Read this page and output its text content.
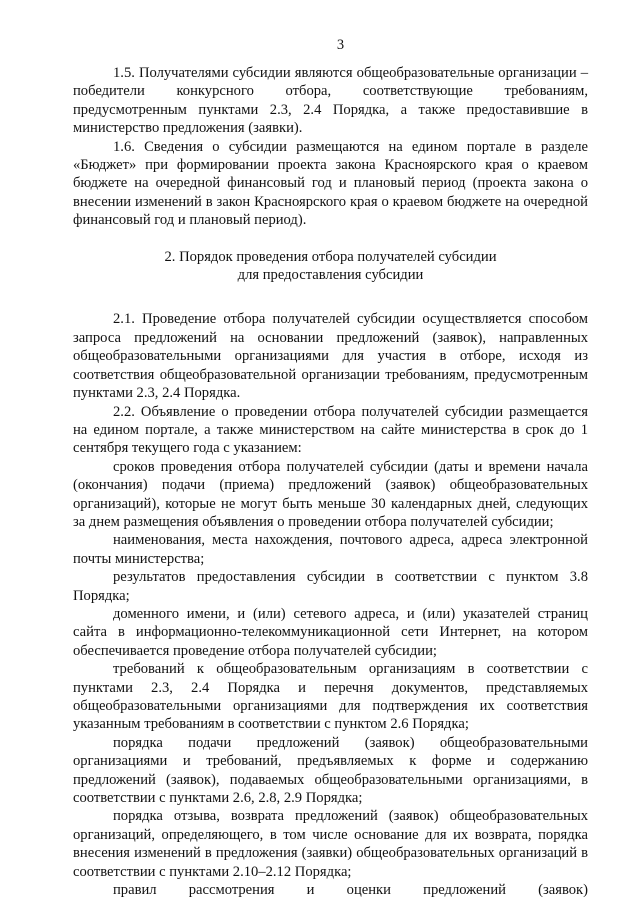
3

1.5. Получателями субсидии являются общеобразовательные организации – победители конкурсного отбора, соответствующие требованиям, предусмотренным пунктами 2.3, 2.4 Порядка, а также предоставившие в министерство предложения (заявки).

1.6. Сведения о субсидии размещаются на едином портале в разделе «Бюджет» при формировании проекта закона Красноярского края о краевом бюджете на очередной финансовый год и плановый период (проекта закона о внесении изменений в закон Красноярского края о краевом бюджете на очередной финансовый год и плановый период).

2. Порядок проведения отбора получателей субсидии
для предоставления субсидии

2.1. Проведение отбора получателей субсидии осуществляется способом запроса предложений на основании предложений (заявок), направленных общеобразовательными организациями для участия в отборе, исходя из соответствия общеобразовательной организации требованиям, предусмотренным пунктами 2.3, 2.4 Порядка.

2.2. Объявление о проведении отбора получателей субсидии размещается на едином портале, а также министерством на сайте министерства в срок до 1 сентября текущего года с указанием:

сроков проведения отбора получателей субсидии (даты и времени начала (окончания) подачи (приема) предложений (заявок) общеобразовательных организаций), которые не могут быть меньше 30 календарных дней, следующих за днем размещения объявления о проведении отбора получателей субсидии;

наименования, места нахождения, почтового адреса, адреса электронной почты министерства;

результатов предоставления субсидии в соответствии с пунктом 3.8 Порядка;

доменного имени, и (или) сетевого адреса, и (или) указателей страниц сайта в информационно-телекоммуникационной сети Интернет, на котором обеспечивается проведение отбора получателей субсидии;

требований к общеобразовательным организациям в соответствии с пунктами 2.3, 2.4 Порядка и перечня документов, представляемых общеобразовательными организациями для подтверждения их соответствия указанным требованиям в соответствии с пунктом 2.6 Порядка;

порядка подачи предложений (заявок) общеобразовательными организациями и требований, предъявляемых к форме и содержанию предложений (заявок), подаваемых общеобразовательными организациями, в соответствии с пунктами 2.6, 2.8, 2.9 Порядка;

порядка отзыва, возврата предложений (заявок) общеобразовательных организаций, определяющего, в том числе основание для их возврата, порядка внесения изменений в предложения (заявки) общеобразовательных организаций в соответствии с пунктами 2.10–2.12 Порядка;

правил рассмотрения и оценки предложений (заявок)
